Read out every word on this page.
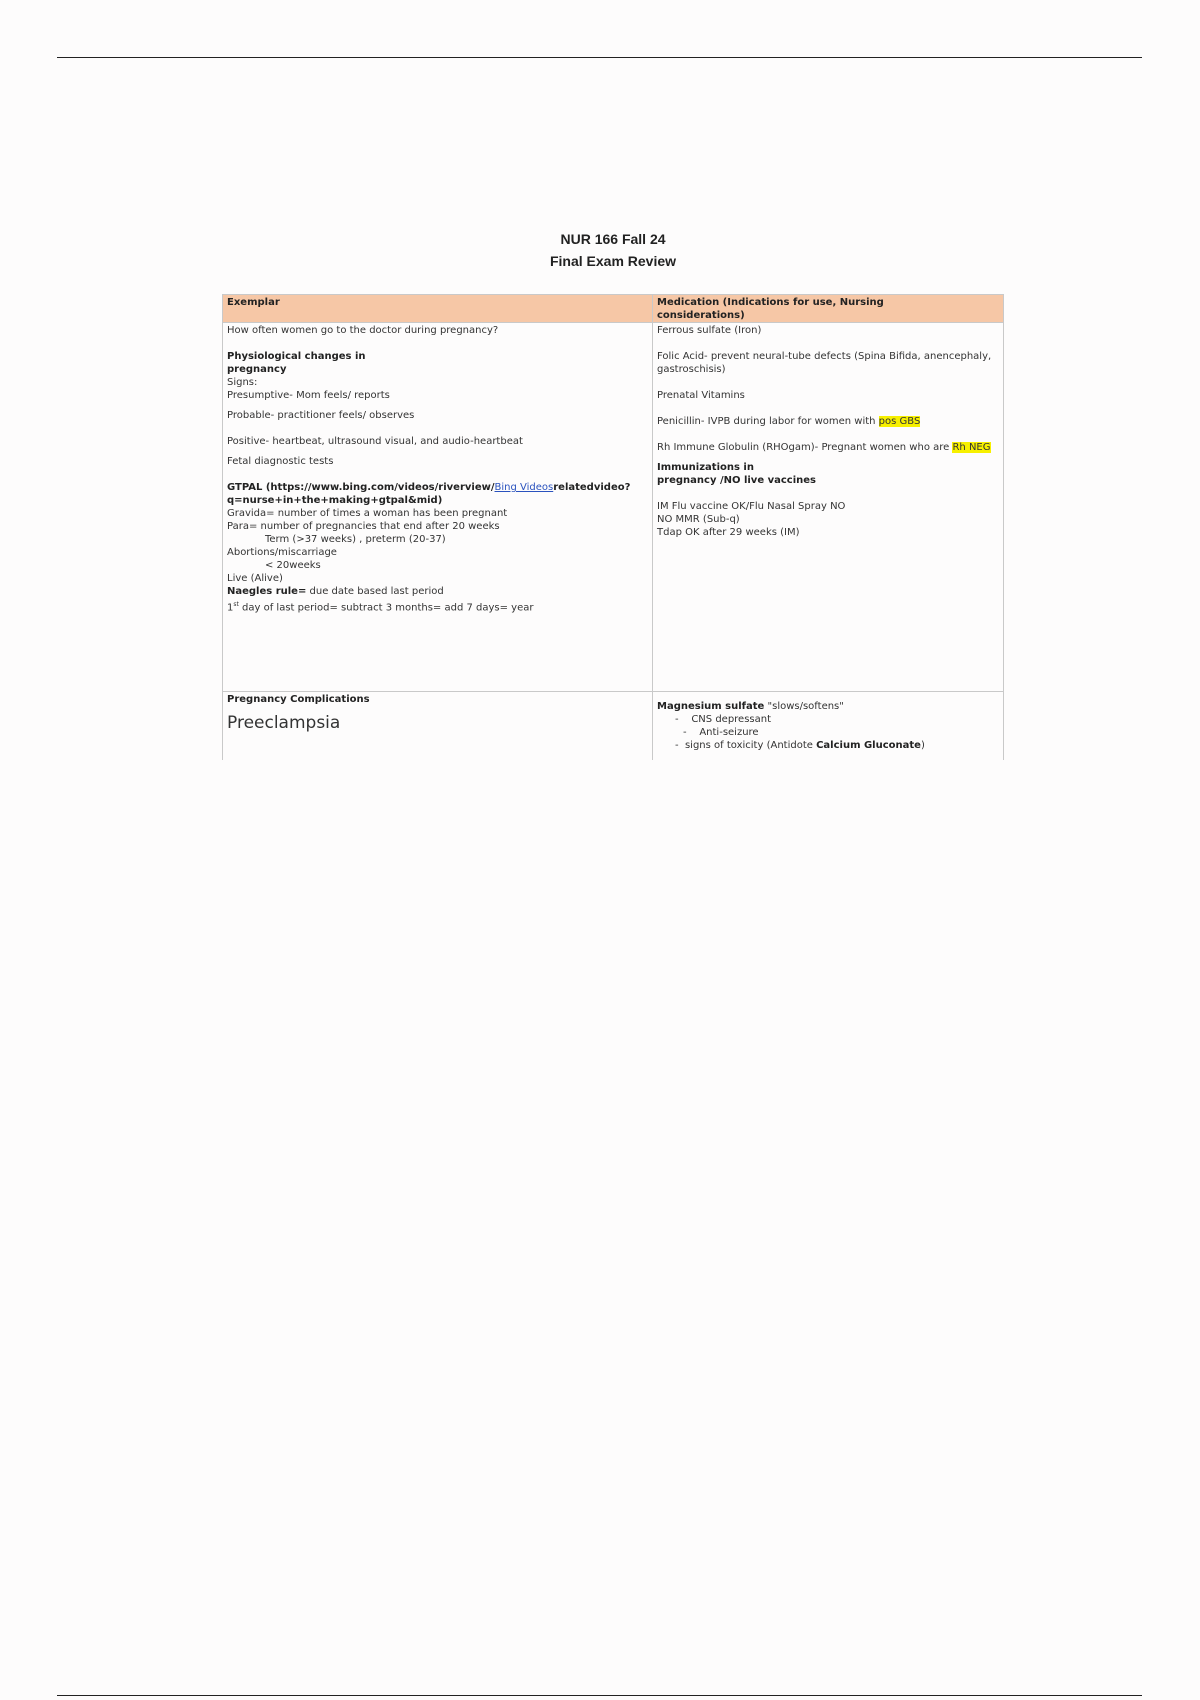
NUR 166 Fall 24
Final Exam Review
Exemplar	Medication (Indications for use, Nursing considerations)
How often women go to the doctor during pregnancy?
Physiological changes in
pregnancy
Signs:
Presumptive- Mom feels/ reports
Probable- practitioner feels/ observes
Positive- heartbeat, ultrasound visual, and audio-heartbeat
Fetal diagnostic tests
GTPAL (https://www.bing.com/videos/riverview/Bing Videosrelatedvideo?q=nurse+in+the+making+gtpal&mid)
Gravida= number of times a woman has been pregnant
Para= number of pregnancies that end after 20 weeks
Term (>37 weeks) , preterm (20-37)
Abortions/miscarriage
< 20weeks
Live (Alive)
Naegles rule= due date based last period
1st day of last period= subtract 3 months= add 7 days= year
Ferrous sulfate (Iron)
Folic Acid- prevent neural-tube defects (Spina Bifida, anencephaly, gastroschisis)
Prenatal Vitamins
Penicillin- IVPB during labor for women with pos GBS
Rh Immune Globulin (RHOgam)- Pregnant women who are Rh NEG
Immunizations in
pregnancy /NO live vaccines
IM Flu vaccine OK/Flu Nasal Spray NO
NO MMR (Sub-q)
Tdap OK after 29 weeks (IM)
Pregnancy Complications
Preeclampsia
Magnesium sulfate "slows/softens"
-    CNS depressant
-    Anti-seizure
-  signs of toxicity (Antidote Calcium Gluconate)
